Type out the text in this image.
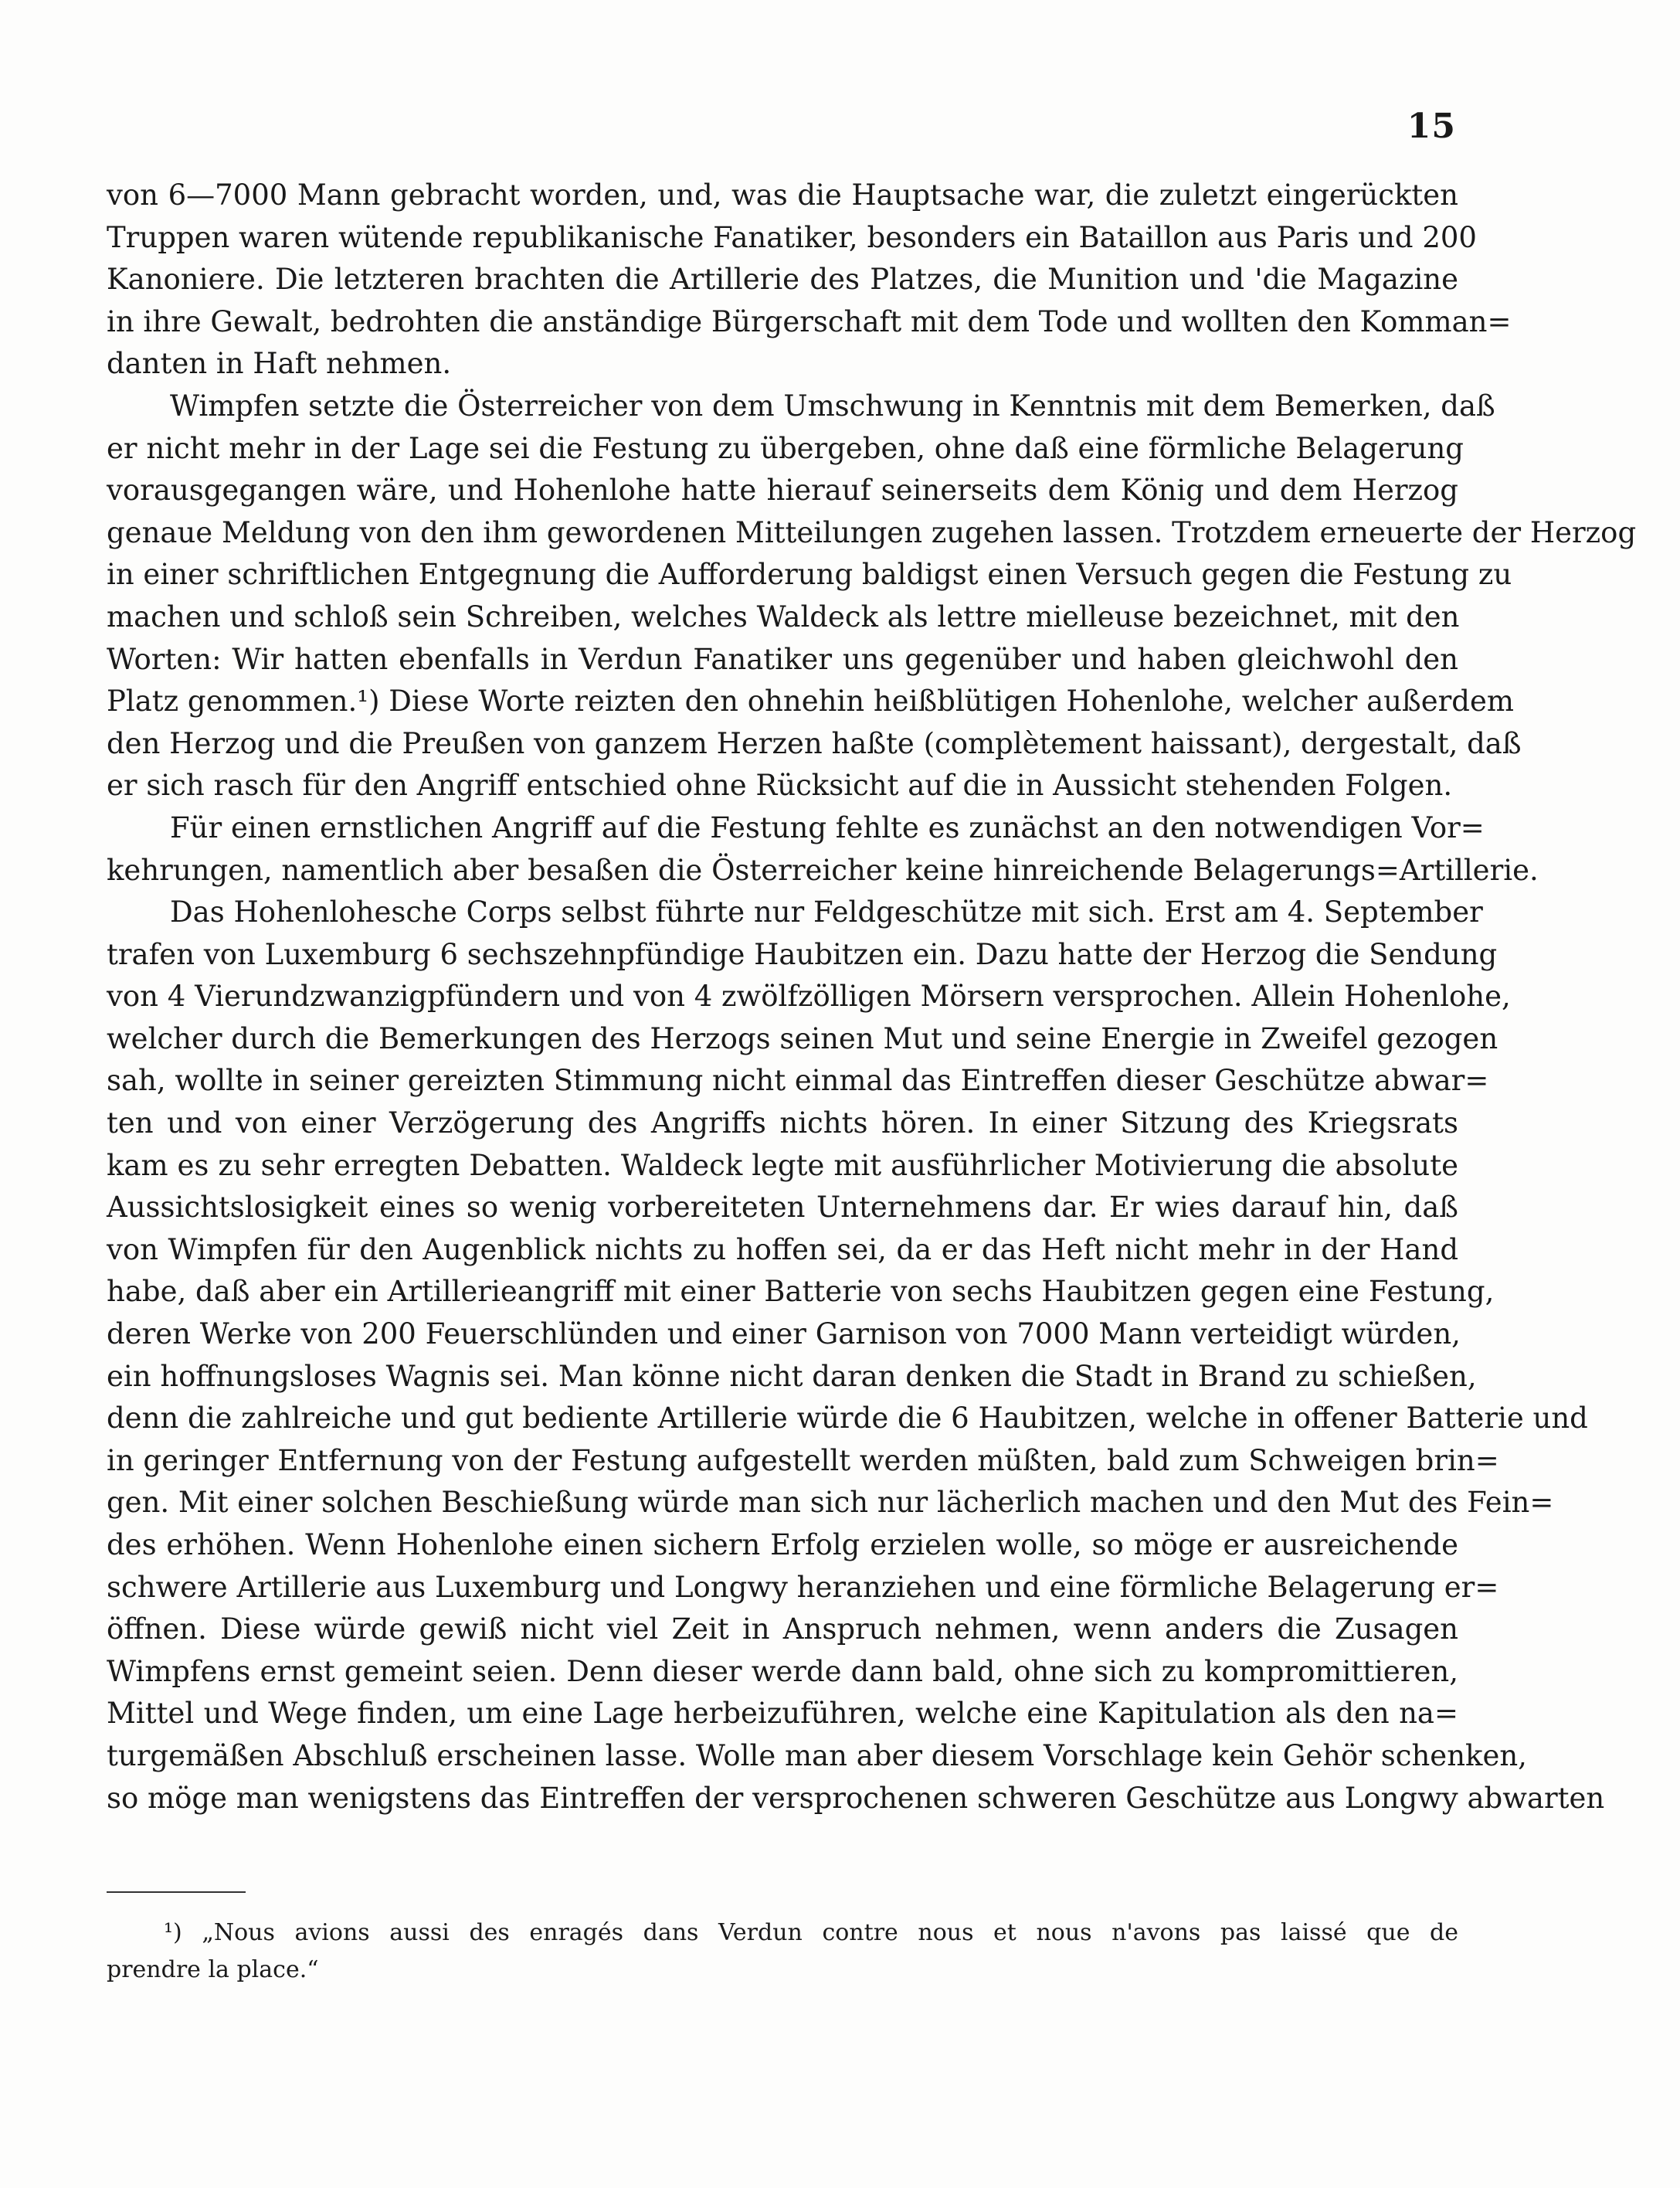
15
von 6—7000 Mann gebracht worden, und, was die Hauptsache war, die zuletzt eingerückten
Truppen waren wütende republikanische Fanatiker, besonders ein Bataillon aus Paris und 200
Kanoniere. Die letzteren brachten die Artillerie des Platzes, die Munition und 'die Magazine
in ihre Gewalt, bedrohten die anständige Bürgerschaft mit dem Tode und wollten den Komman=
danten in Haft nehmen.
Wimpfen setzte die Österreicher von dem Umschwung in Kenntnis mit dem Bemerken, daß
er nicht mehr in der Lage sei die Festung zu übergeben, ohne daß eine förmliche Belagerung
vorausgegangen wäre, und Hohenlohe hatte hierauf seinerseits dem König und dem Herzog
genaue Meldung von den ihm gewordenen Mitteilungen zugehen lassen. Trotzdem erneuerte der Herzog
in einer schriftlichen Entgegnung die Aufforderung baldigst einen Versuch gegen die Festung zu
machen und schloß sein Schreiben, welches Waldeck als lettre mielleuse bezeichnet, mit den
Worten: Wir hatten ebenfalls in Verdun Fanatiker uns gegenüber und haben gleichwohl den
Platz genommen.¹) Diese Worte reizten den ohnehin heißblütigen Hohenlohe, welcher außerdem
den Herzog und die Preußen von ganzem Herzen haßte (complètement haissant), dergestalt, daß
er sich rasch für den Angriff entschied ohne Rücksicht auf die in Aussicht stehenden Folgen.
Für einen ernstlichen Angriff auf die Festung fehlte es zunächst an den notwendigen Vor=
kehrungen, namentlich aber besaßen die Österreicher keine hinreichende Belagerungs=Artillerie.
Das Hohenlohesche Corps selbst führte nur Feldgeschütze mit sich. Erst am 4. September
trafen von Luxemburg 6 sechszehnpfündige Haubitzen ein. Dazu hatte der Herzog die Sendung
von 4 Vierundzwanzigpfündern und von 4 zwölfzölligen Mörsern versprochen. Allein Hohenlohe,
welcher durch die Bemerkungen des Herzogs seinen Mut und seine Energie in Zweifel gezogen
sah, wollte in seiner gereizten Stimmung nicht einmal das Eintreffen dieser Geschütze abwar=
ten und von einer Verzögerung des Angriffs nichts hören. In einer Sitzung des Kriegsrats
kam es zu sehr erregten Debatten. Waldeck legte mit ausführlicher Motivierung die absolute
Aussichtslosigkeit eines so wenig vorbereiteten Unternehmens dar. Er wies darauf hin, daß
von Wimpfen für den Augenblick nichts zu hoffen sei, da er das Heft nicht mehr in der Hand
habe, daß aber ein Artillerieangriff mit einer Batterie von sechs Haubitzen gegen eine Festung,
deren Werke von 200 Feuerschlünden und einer Garnison von 7000 Mann verteidigt würden,
ein hoffnungsloses Wagnis sei. Man könne nicht daran denken die Stadt in Brand zu schießen,
denn die zahlreiche und gut bediente Artillerie würde die 6 Haubitzen, welche in offener Batterie und
in geringer Entfernung von der Festung aufgestellt werden müßten, bald zum Schweigen brin=
gen. Mit einer solchen Beschießung würde man sich nur lächerlich machen und den Mut des Fein=
des erhöhen. Wenn Hohenlohe einen sichern Erfolg erzielen wolle, so möge er ausreichende
schwere Artillerie aus Luxemburg und Longwy heranziehen und eine förmliche Belagerung er=
öffnen. Diese würde gewiß nicht viel Zeit in Anspruch nehmen, wenn anders die Zusagen
Wimpfens ernst gemeint seien. Denn dieser werde dann bald, ohne sich zu kompromittieren,
Mittel und Wege finden, um eine Lage herbeizuführen, welche eine Kapitulation als den na=
turgemäßen Abschluß erscheinen lasse. Wolle man aber diesem Vorschlage kein Gehör schenken,
so möge man wenigstens das Eintreffen der versprochenen schweren Geschütze aus Longwy abwarten
¹) „Nous avions aussi des enragés dans Verdun contre nous et nous n'avons pas laissé que de
prendre la place.“
